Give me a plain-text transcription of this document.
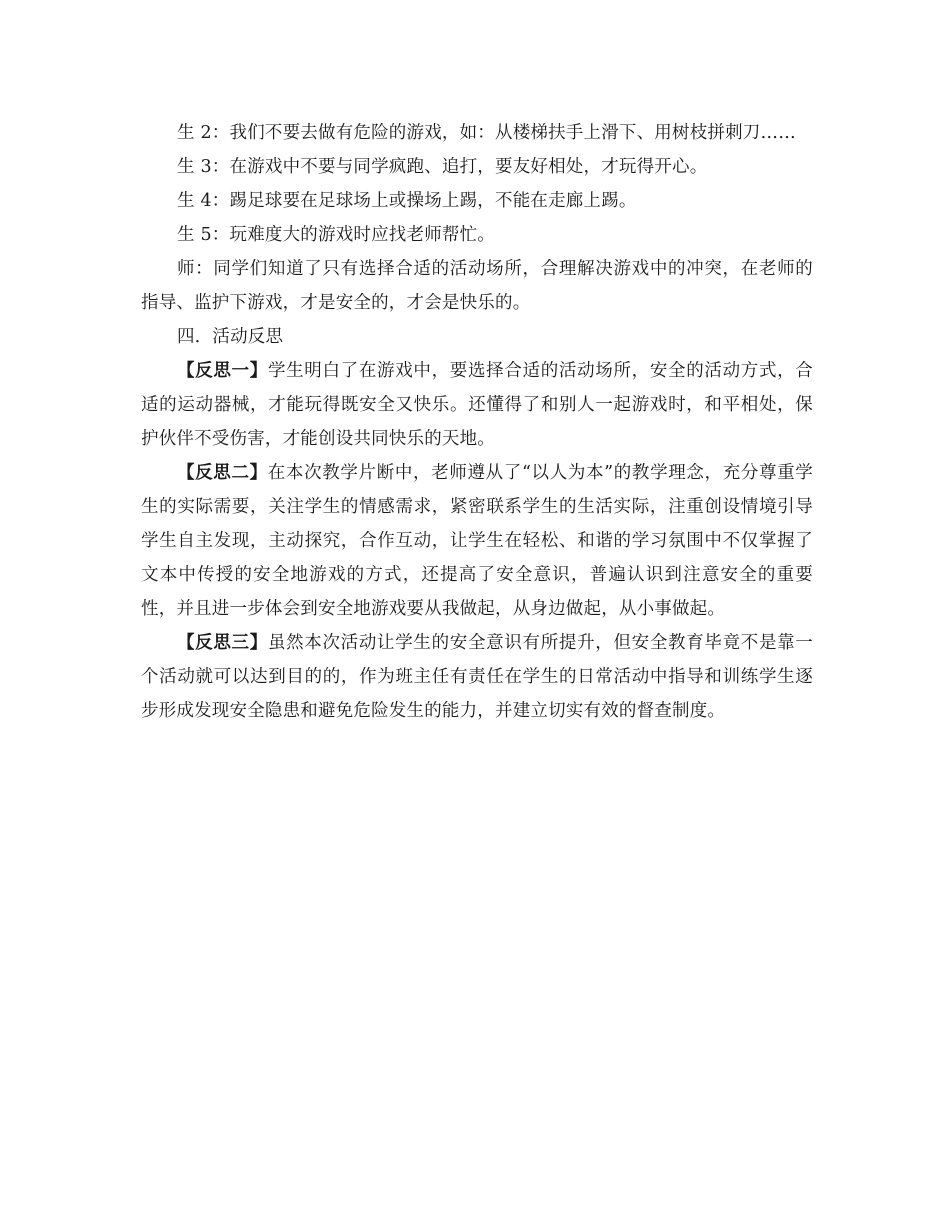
生 2：我们不要去做有危险的游戏，如：从楼梯扶手上滑下、用树枝拼刺刀……

生 3：在游戏中不要与同学疯跑、追打，要友好相处，才玩得开心。

生 4：踢足球要在足球场上或操场上踢，不能在走廊上踢。

生 5：玩难度大的游戏时应找老师帮忙。

师：同学们知道了只有选择合适的活动场所，合理解决游戏中的冲突，在老师的指导、监护下游戏，才是安全的，才会是快乐的。

四．活动反思

【反思一】学生明白了在游戏中，要选择合适的活动场所，安全的活动方式，合适的运动器械，才能玩得既安全又快乐。还懂得了和别人一起游戏时，和平相处，保护伙伴不受伤害，才能创设共同快乐的天地。

【反思二】在本次教学片断中，老师遵从了“以人为本”的教学理念，充分尊重学生的实际需要，关注学生的情感需求，紧密联系学生的生活实际，注重创设情境引导学生自主发现，主动探究，合作互动，让学生在轻松、和谐的学习氛围中不仅掌握了文本中传授的安全地游戏的方式，还提高了安全意识，普遍认识到注意安全的重要性，并且进一步体会到安全地游戏要从我做起，从身边做起，从小事做起。

【反思三】虽然本次活动让学生的安全意识有所提升，但安全教育毕竟不是靠一个活动就可以达到目的的，作为班主任有责任在学生的日常活动中指导和训练学生逐步形成发现安全隐患和避免危险发生的能力，并建立切实有效的督查制度。
